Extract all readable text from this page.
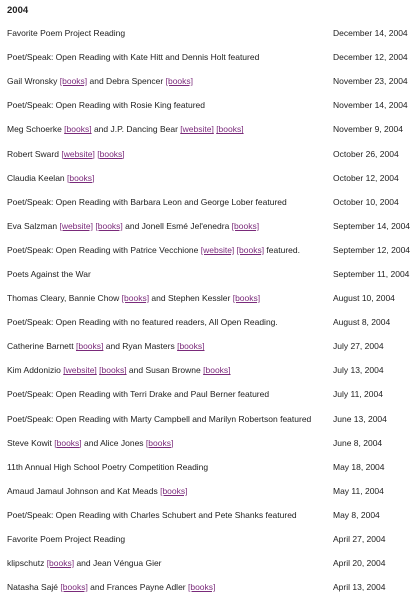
2004
Favorite Poem Project Reading	December 14, 2004
Poet/Speak: Open Reading with Kate Hitt and Dennis Holt featured	December 12, 2004
Gail Wronsky [books] and Debra Spencer [books]	November 23, 2004
Poet/Speak: Open Reading with Rosie King featured	November 14, 2004
Meg Schoerke [books] and J.P. Dancing Bear [website] [books]	November 9, 2004
Robert Sward [website] [books]	October 26, 2004
Claudia Keelan [books]	October 12, 2004
Poet/Speak: Open Reading with Barbara Leon and George Lober featured	October 10, 2004
Eva Salzman [website] [books] and Jonell Esmé Jel'enedra [books]	September 14, 2004
Poet/Speak: Open Reading with Patrice Vecchione [website] [books] featured.	September 12, 2004
Poets Against the War	September 11, 2004
Thomas Cleary, Bannie Chow [books] and Stephen Kessler [books]	August 10, 2004
Poet/Speak: Open Reading with no featured readers, All Open Reading.	August 8, 2004
Catherine Barnett [books] and Ryan Masters [books]	July 27, 2004
Kim Addonizio [website] [books] and Susan Browne [books]	July 13, 2004
Poet/Speak: Open Reading with Terri Drake and Paul Berner featured	July 11, 2004
Poet/Speak: Open Reading with Marty Campbell and Marilyn Robertson featured	June 13, 2004
Steve Kowit [books] and Alice Jones [books]	June 8, 2004
11th Annual High School Poetry Competition Reading	May 18, 2004
Amaud Jamaul Johnson and Kat Meads [books]	May 11, 2004
Poet/Speak: Open Reading with Charles Schubert and Pete Shanks featured	May 8, 2004
Favorite Poem Project Reading	April 27, 2004
klipschutz [books] and Jean Véngua Gier	April 20, 2004
Natasha Sajé [books] and Frances Payne Adler [books]	April 13, 2004
